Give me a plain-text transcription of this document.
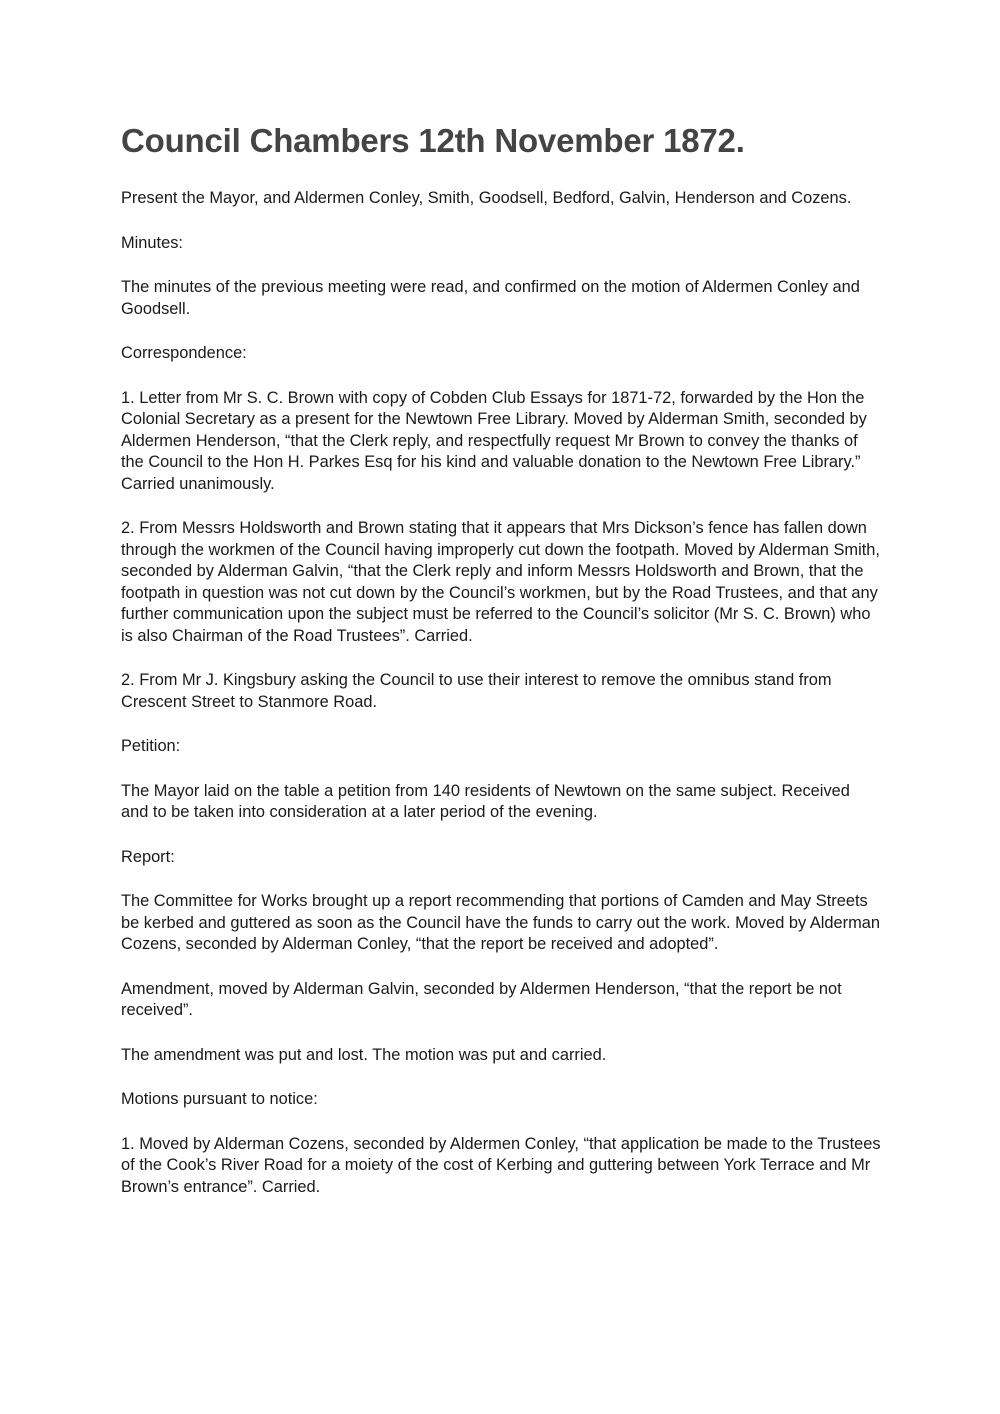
Council Chambers 12th November 1872.

Present the Mayor, and Aldermen Conley, Smith, Goodsell, Bedford, Galvin, Henderson and Cozens.

Minutes:

The minutes of the previous meeting were read, and confirmed on the motion of Aldermen Conley and Goodsell.

Correspondence:

1. Letter from Mr S. C. Brown with copy of Cobden Club Essays for 1871-72, forwarded by the Hon the Colonial Secretary as a present for the Newtown Free Library. Moved by Alderman Smith, seconded by Aldermen Henderson, “that the Clerk reply, and respectfully request Mr Brown to convey the thanks of the Council to the Hon H. Parkes Esq for his kind and valuable donation to the Newtown Free Library.” Carried unanimously.

2. From Messrs Holdsworth and Brown stating that it appears that Mrs Dickson’s fence has fallen down through the workmen of the Council having improperly cut down the footpath. Moved by Alderman Smith, seconded by Alderman Galvin, “that the Clerk reply and inform Messrs Holdsworth and Brown, that the footpath in question was not cut down by the Council’s workmen, but by the Road Trustees, and that any further communication upon the subject must be referred to the Council’s solicitor (Mr S. C. Brown) who is also Chairman of the Road Trustees”. Carried.

2. From Mr J. Kingsbury asking the Council to use their interest to remove the omnibus stand from Crescent Street to Stanmore Road.

Petition:

The Mayor laid on the table a petition from 140 residents of Newtown on the same subject. Received and to be taken into consideration at a later period of the evening.

Report:

The Committee for Works brought up a report recommending that portions of Camden and May Streets be kerbed and guttered as soon as the Council have the funds to carry out the work. Moved by Alderman Cozens, seconded by Alderman Conley, “that the report be received and adopted”.

Amendment, moved by Alderman Galvin, seconded by Aldermen Henderson, “that the report be not received”.

The amendment was put and lost. The motion was put and carried.

Motions pursuant to notice:

1. Moved by Alderman Cozens, seconded by Aldermen Conley, “that application be made to the Trustees of the Cook’s River Road for a moiety of the cost of Kerbing and guttering between York Terrace and Mr Brown’s entrance”. Carried.
